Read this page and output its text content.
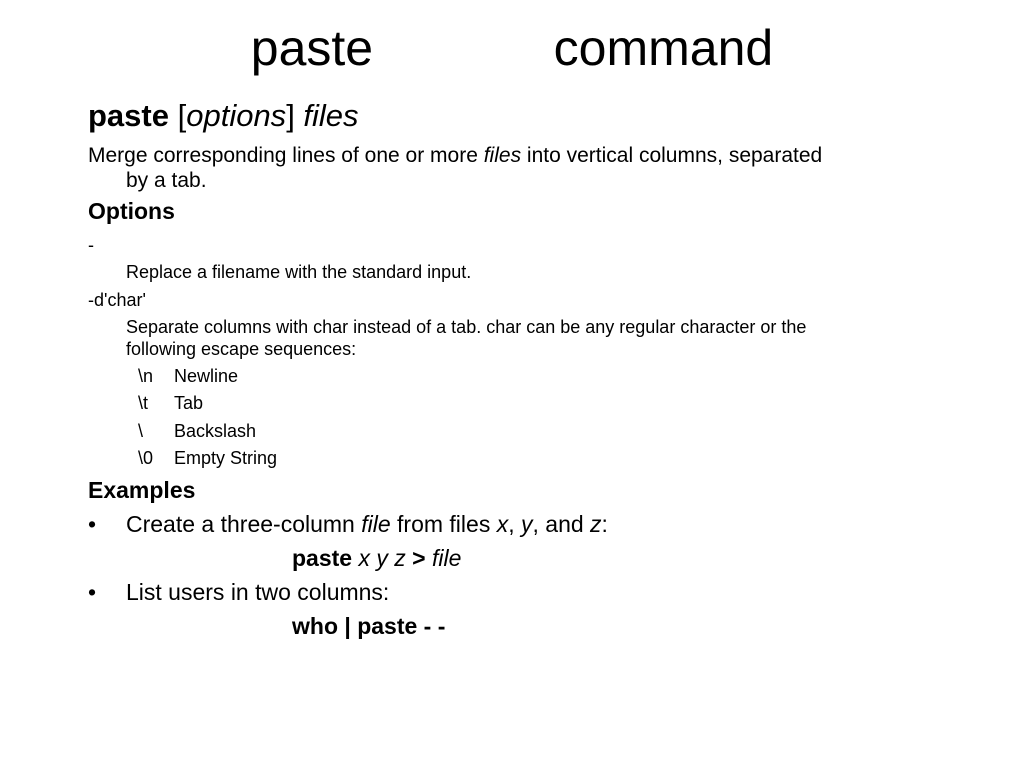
paste             command
paste [options] files
Merge corresponding lines of one or more files into vertical columns, separated
by a tab.
Options
-
Replace a filename with the standard input.
-d'char'
Separate columns with char instead of a tab. char can be any regular character or the
following escape sequences:
\n Newline
\t Tab
\ Backslash
\0 Empty String
Examples
• Create a three-column file from files x, y, and z:
paste x y z > file
• List users in two columns:
who | paste - -
